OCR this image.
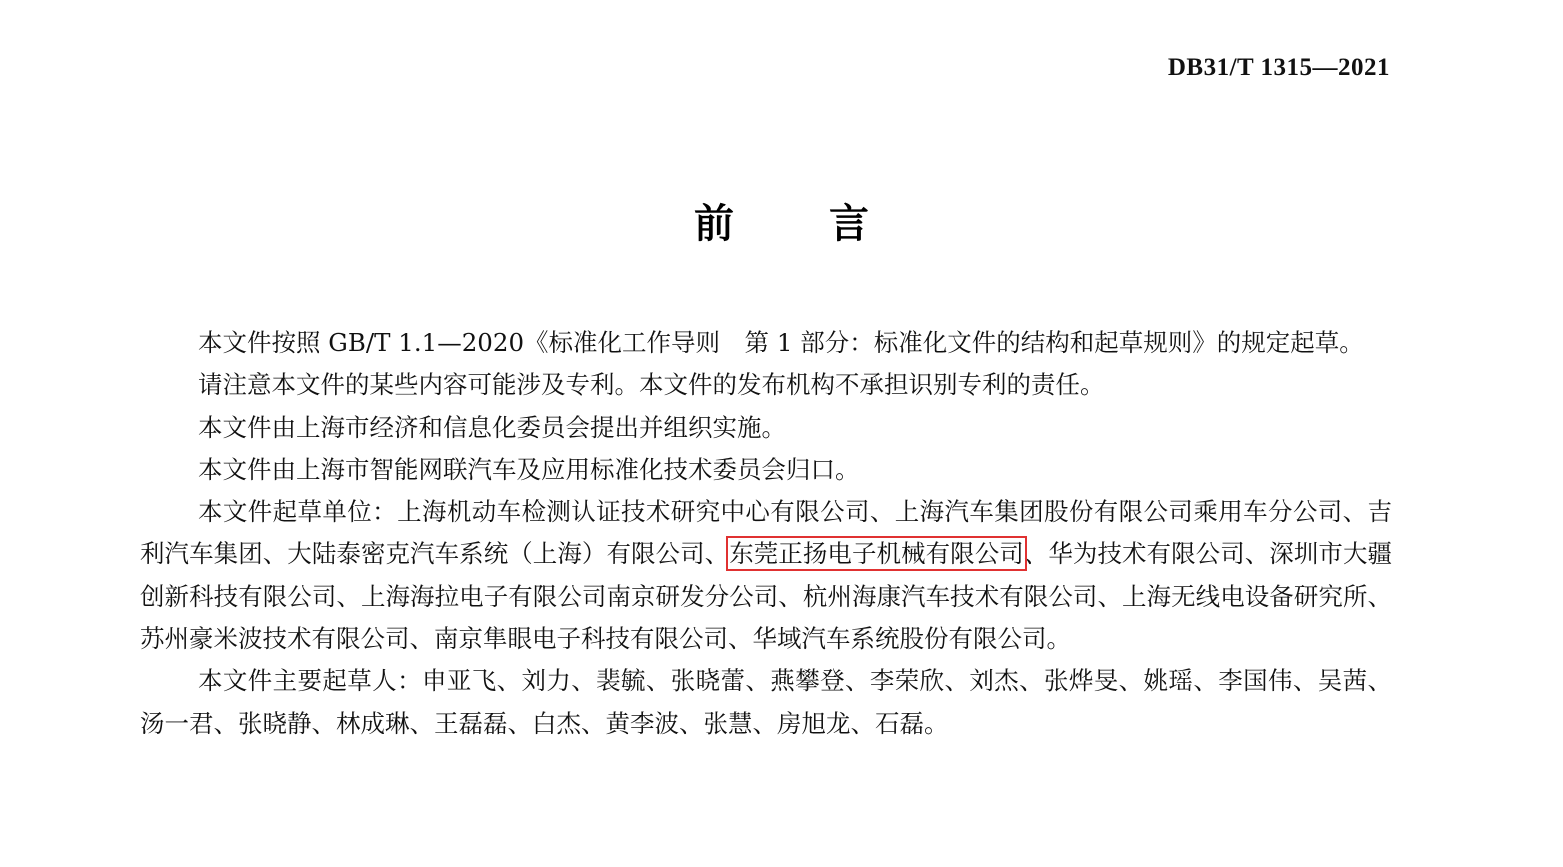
DB31/T 1315—2021
前 言

本文件按照 GB/T 1.1—2020《标准化工作导则　第 1 部分：标准化文件的结构和起草规则》的规定起草。

请注意本文件的某些内容可能涉及专利。本文件的发布机构不承担识别专利的责任。

本文件由上海市经济和信息化委员会提出并组织实施。

本文件由上海市智能网联汽车及应用标准化技术委员会归口。

本文件起草单位：上海机动车检测认证技术研究中心有限公司、上海汽车集团股份有限公司乘用车分公司、吉利汽车集团、大陆泰密克汽车系统（上海）有限公司、东莞正扬电子机械有限公司、华为技术有限公司、深圳市大疆创新科技有限公司、上海海拉电子有限公司南京研发分公司、杭州海康汽车技术有限公司、上海无线电设备研究所、苏州豪米波技术有限公司、南京隼眼电子科技有限公司、华域汽车系统股份有限公司。

本文件主要起草人：申亚飞、刘力、裴毓、张晓蕾、燕攀登、李荣欣、刘杰、张烨旻、姚瑶、李国伟、吴茜、汤一君、张晓静、林成琳、王磊磊、白杰、黄李波、张慧、房旭龙、石磊。
